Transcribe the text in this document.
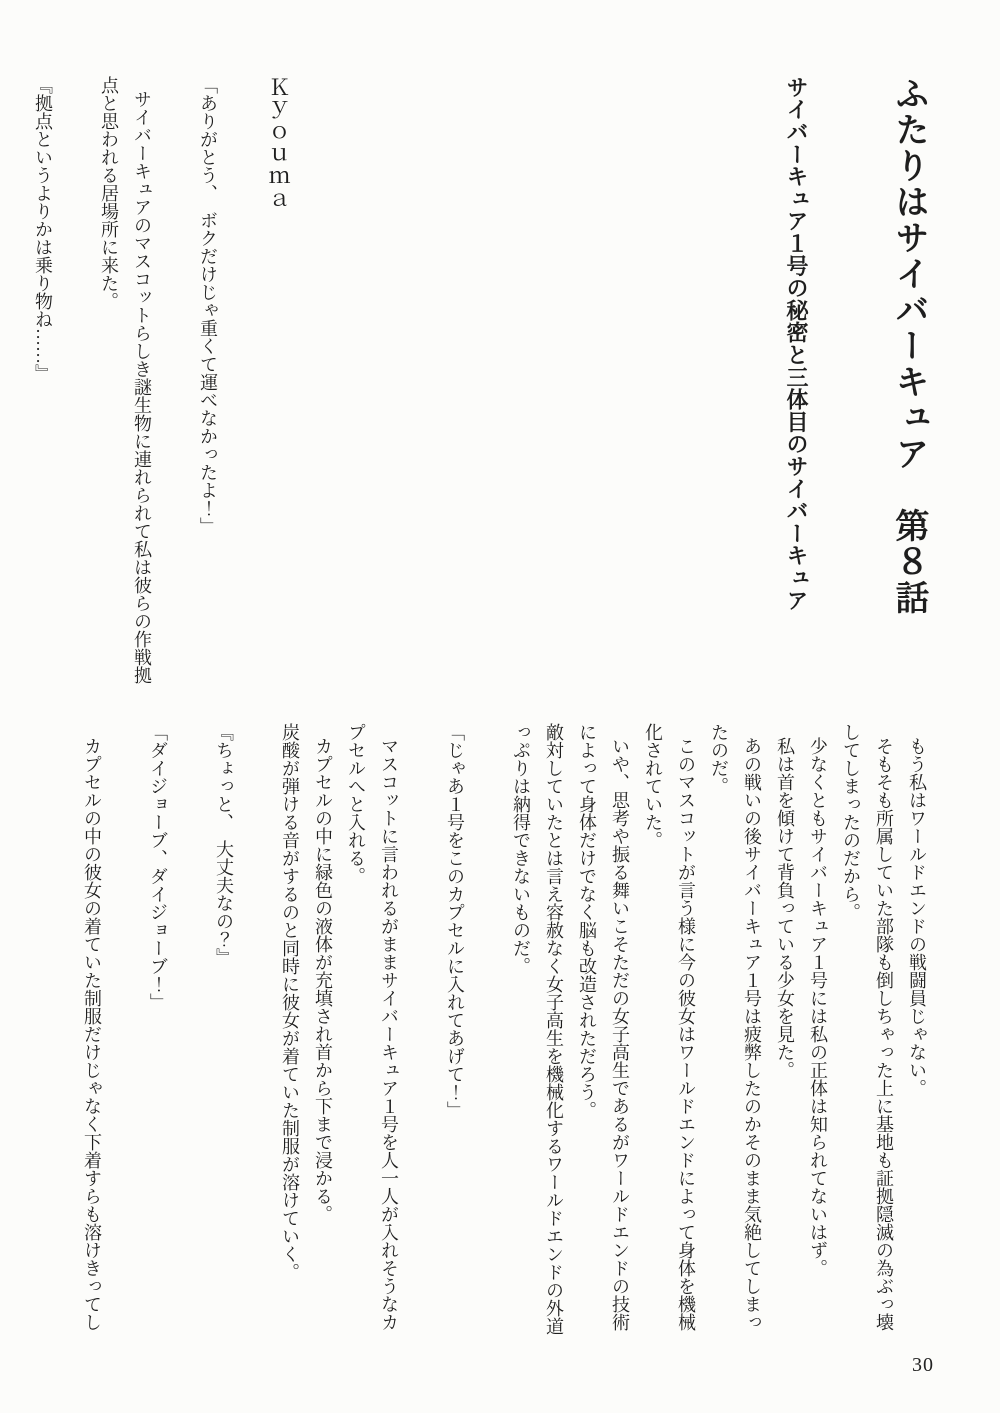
ふたりはサイバーキュア　第８話
サイバーキュア１号の秘密と三体目のサイバーキュア
Ｋｙｏｕｍａ

「ありがとう、　ボクだけじゃ重くて運べなかったよ！」

サイバーキュアのマスコットらしき謎生物に連れられて私は彼らの作戦拠点と思われる居場所に来た。

『拠点というよりかは乗り物ね……』

もう私はワールドエンドの戦闘員じゃない。

そもそも所属していた部隊も倒しちゃった上に基地も証拠隠滅の為ぶっ壊してしまったのだから。

少なくともサイバーキュア１号には私の正体は知られてないはず。

私は首を傾けて背負っている少女を見た。

あの戦いの後サイバーキュア１号は疲弊したのかそのまま気絶してしまったのだ。

このマスコットが言う様に今の彼女はワールドエンドによって身体を機械化されていた。

いや、思考や振る舞いこそただの女子高生であるがワールドエンドの技術によって身体だけでなく脳も改造されただろう。

敵対していたとは言え容赦なく女子高生を機械化するワールドエンドの外道っぷりは納得できないものだ。

「じゃあ１号をこのカプセルに入れてあげて！」

マスコットに言われるがままサイバーキュア１号を人一人が入れそうなカプセルへと入れる。

カプセルの中に緑色の液体が充填され首から下まで浸かる。

炭酸が弾ける音がするのと同時に彼女が着ていた制服が溶けていく。

『ちょっと、　大丈夫なの？』

「ダイジョーブ、ダイジョーブ！」

カプセルの中の彼女の着ていた制服だけじゃなく下着すらも溶けきってし

30
